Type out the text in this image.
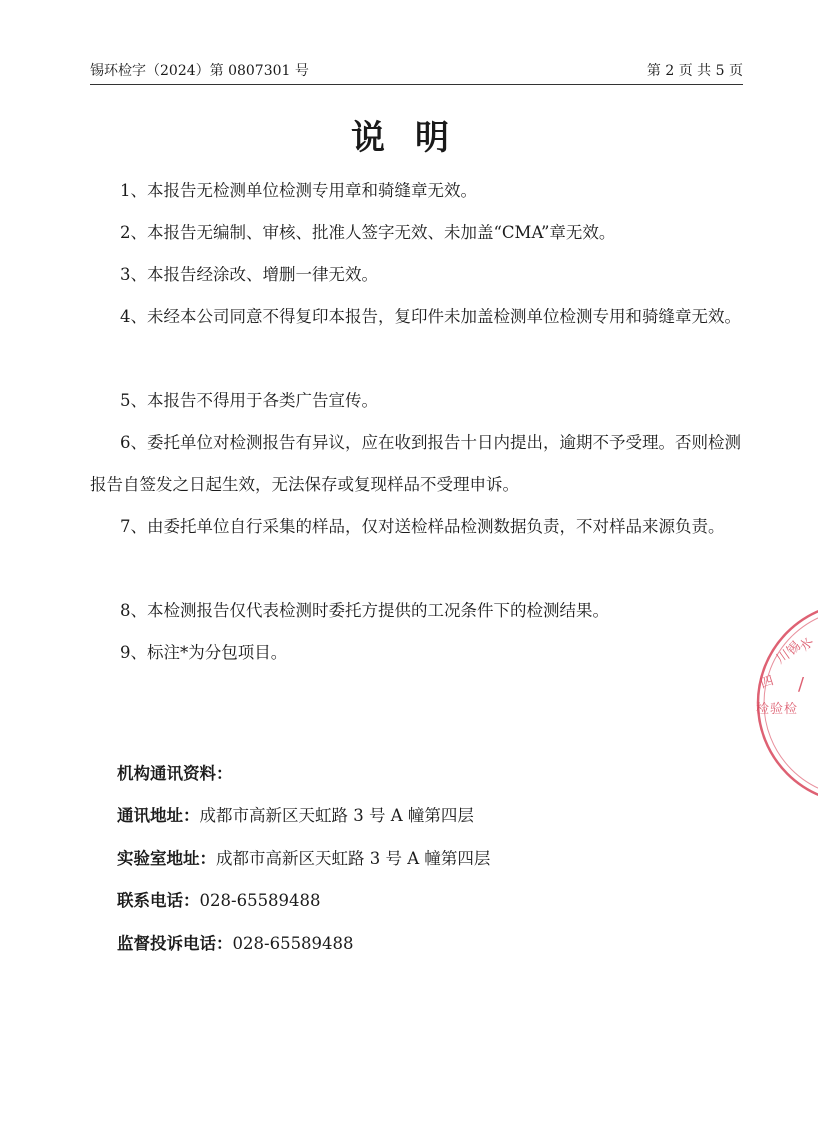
锡环检字（2024）第 0807301 号	第 2 页 共 5 页
说明
1、本报告无检测单位检测专用章和骑缝章无效。
2、本报告无编制、审核、批准人签字无效、未加盖“CMA”章无效。
3、本报告经涂改、增删一律无效。
4、未经本公司同意不得复印本报告，复印件未加盖检测单位检测专用和骑缝章无效。
5、本报告不得用于各类广告宣传。
6、委托单位对检测报告有异议，应在收到报告十日内提出，逾期不予受理。否则检测报告自签发之日起生效，无法保存或复现样品不受理申诉。
7、由委托单位自行采集的样品，仅对送检样品检测数据负责，不对样品来源负责。
8、本检测报告仅代表检测时委托方提供的工况条件下的检测结果。
9、标注*为分包项目。
机构通讯资料：
通讯地址：成都市高新区天虹路 3 号 A 幢第四层
实验室地址：成都市高新区天虹路 3 号 A 幢第四层
联系电话：028-65589488
监督投诉电话：028-65589488
川
四
锡
水
检 验 检
/
